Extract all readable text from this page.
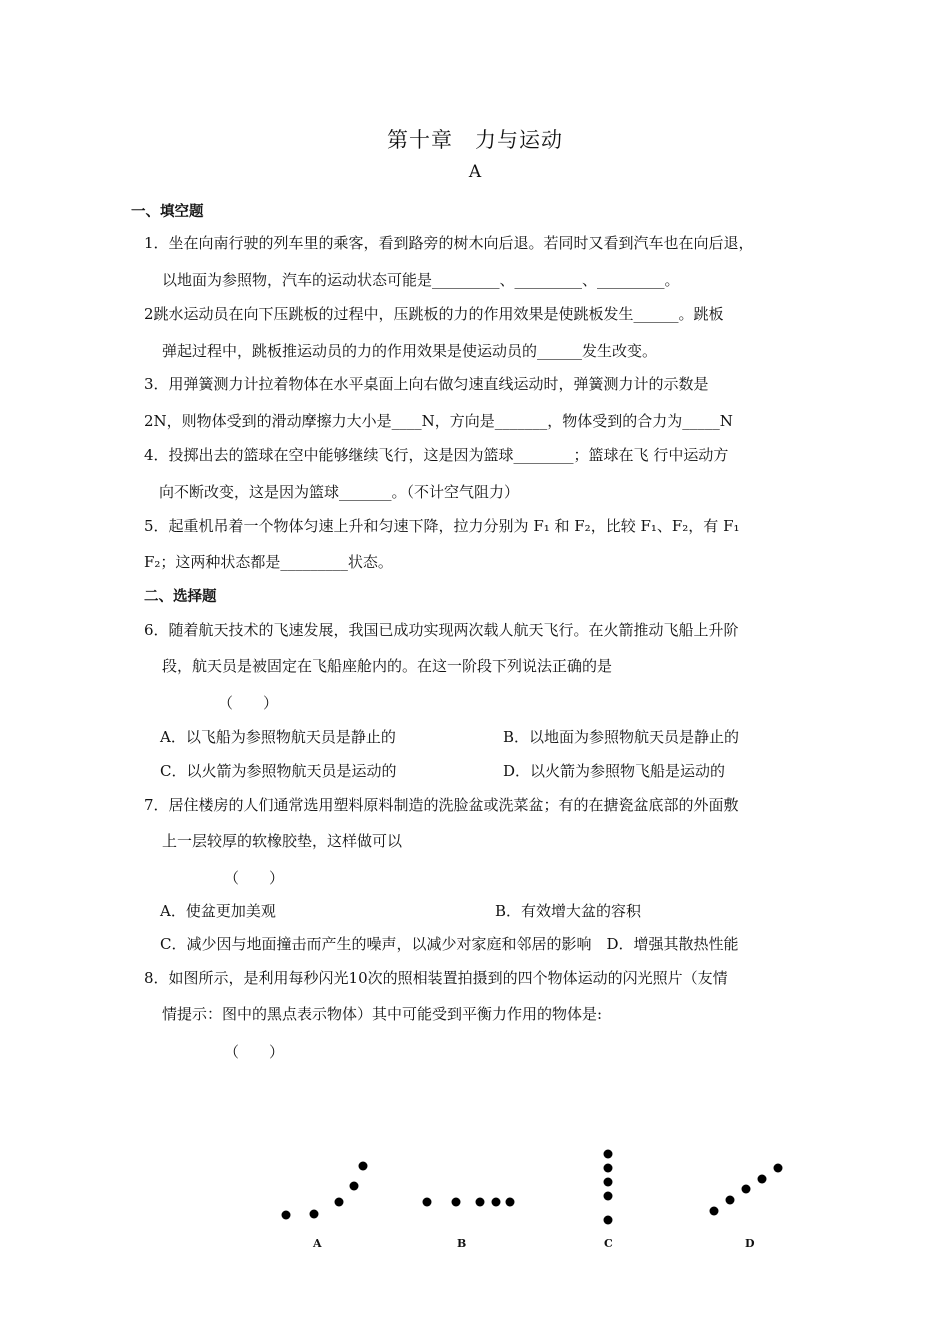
第十章　力与运动
A
一、填空题
1．坐在向南行驶的列车里的乘客，看到路旁的树木向后退。若同时又看到汽车也在向后退，
以地面为参照物，汽车的运动状态可能是_________、_________、_________。
2跳水运动员在向下压跳板的过程中，压跳板的力的作用效果是使跳板发生______。跳板
弹起过程中，跳板推运动员的力的作用效果是使运动员的______发生改变。
3．用弹簧测力计拉着物体在水平桌面上向右做匀速直线运动时，弹簧测力计的示数是
2N，则物体受到的滑动摩擦力大小是____N，方向是_______，物体受到的合力为_____N
4．投掷出去的篮球在空中能够继续飞行，这是因为篮球________；篮球在飞 行中运动方
向不断改变，这是因为篮球_______。（不计空气阻力）
5．起重机吊着一个物体匀速上升和匀速下降，拉力分别为 F₁ 和 F₂，比较 F₁、F₂，有 F₁
F₂；这两种状态都是_________状态。
二、选择题
6．随着航天技术的飞速发展，我国已成功实现两次载人航天飞行。在火箭推动飞船上升阶
段，航天员是被固定在飞船座舱内的。在这一阶段下列说法正确的是
（　　）
A．以飞船为参照物航天员是静止的	B．以地面为参照物航天员是静止的
C．以火箭为参照物航天员是运动的	D．以火箭为参照物飞船是运动的
7．居住楼房的人们通常选用塑料原料制造的洗脸盆或洗菜盆；有的在搪瓷盆底部的外面敷
上一层较厚的软橡胶垫，这样做可以
（　　）
A．使盆更加美观	B．有效增大盆的容积
C．减少因与地面撞击而产生的噪声，以减少对家庭和邻居的影响　D．增强其散热性能
8．如图所示，是利用每秒闪光10次的照相装置拍摄到的四个物体运动的闪光照片（友情
情提示：图中的黑点表示物体）其中可能受到平衡力作用的物体是:
（　　）
A	B	C	D
